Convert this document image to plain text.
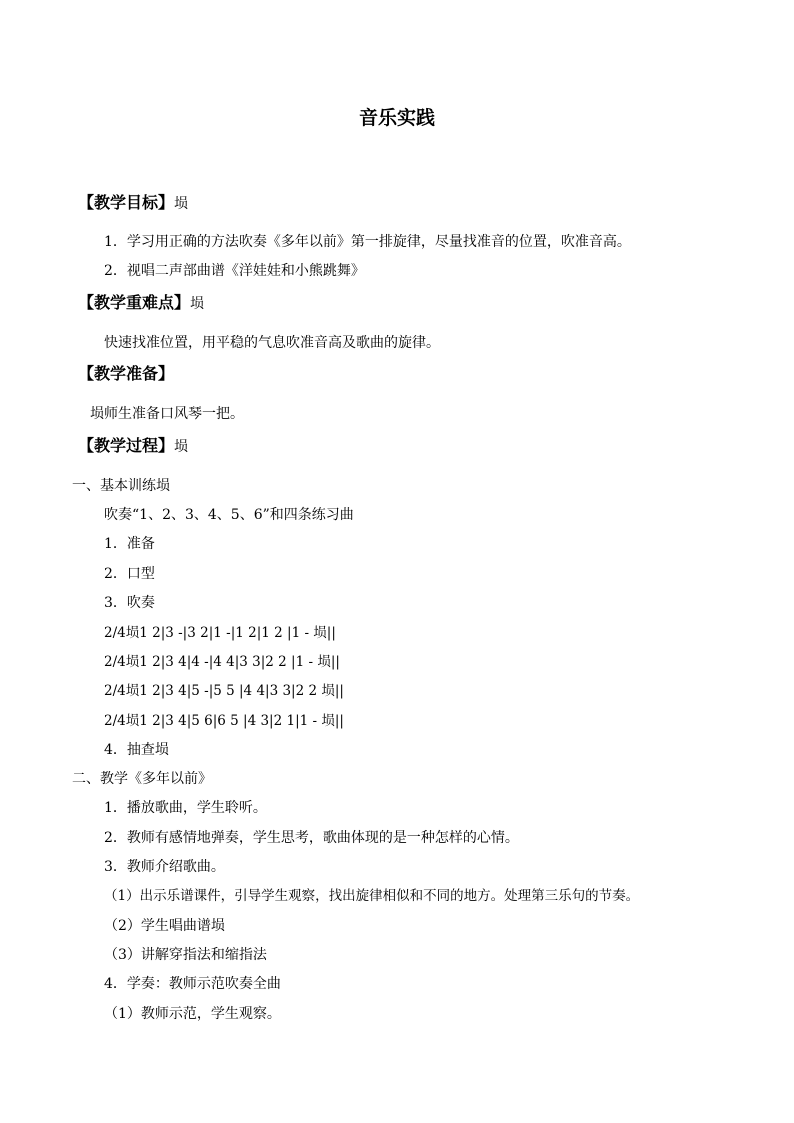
音乐实践
【教学目标】埙
1．学习用正确的方法吹奏《多年以前》第一排旋律，尽量找准音的位置，吹准音高。
2．视唱二声部曲谱《洋娃娃和小熊跳舞》
【教学重难点】埙
快速找准位置，用平稳的气息吹准音高及歌曲的旋律。
【教学准备】
埙师生准备口风琴一把。
【教学过程】埙
一、基本训练埙
吹奏“1、2、3、4、5、6”和四条练习曲
1．准备
2．口型
3．吹奏
2/4埙1 2|3 -|3 2|1 -|1 2|1 2 |1 - 埙||
2/4埙1 2|3 4|4 -|4 4|3 3|2 2 |1 - 埙||
2/4埙1 2|3 4|5 -|5 5 |4 4|3 3|2 2 埙||
2/4埙1 2|3 4|5 6|6 5 |4 3|2 1|1 - 埙||
4．抽查埙
二、教学《多年以前》
1．播放歌曲，学生聆听。
2．教师有感情地弹奏，学生思考，歌曲体现的是一种怎样的心情。
3．教师介绍歌曲。
（1）出示乐谱课件，引导学生观察，找出旋律相似和不同的地方。处理第三乐句的节奏。
（2）学生唱曲谱埙
（3）讲解穿指法和缩指法
4．学奏：教师示范吹奏全曲
（1）教师示范，学生观察。
